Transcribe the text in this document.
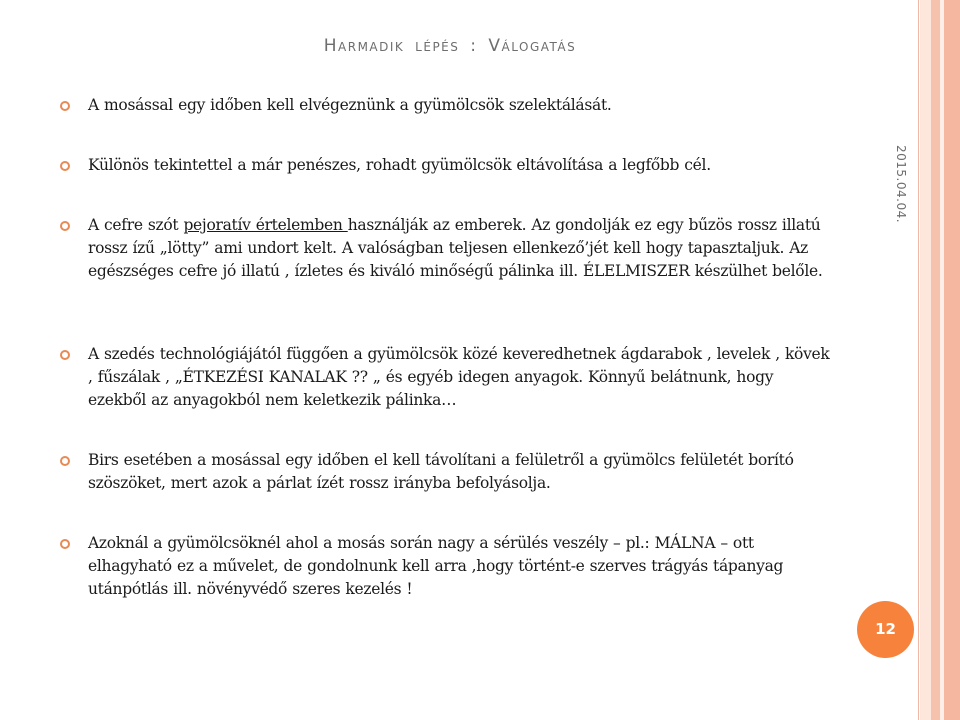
Harmadik lépés : Válogatás
2015.04.04.
A mosással egy időben kell elvégeznünk a gyümölcsök szelektálását.
Különös tekintettel a már penészes, rohadt gyümölcsök eltávolítása a legfőbb cél.
A cefre szót pejoratív értelemben használják az emberek. Az gondolják ez egy bűzös rossz illatú rossz ízű „lötty” ami undort kelt. A valóságban teljesen ellenkező’jét kell hogy tapasztaljuk. Az egészséges cefre jó illatú , ízletes és kiváló minőségű pálinka ill. ÉLELMISZER készülhet belőle.
A szedés technológiájától függően a gyümölcsök közé keveredhetnek ágdarabok , levelek , kövek , fűszálak , „ÉTKEZÉSI KANALAK ?? „ és egyéb idegen anyagok. Könnyű belátnunk, hogy ezekből az anyagokból nem keletkezik pálinka…
Birs esetében a mosással egy időben el kell távolítani a felületről a gyümölcs felületét borító szöszöket, mert azok a párlat ízét rossz irányba befolyásolja.
Azoknál a gyümölcsöknél ahol a mosás során nagy a sérülés veszély – pl.: MÁLNA – ott elhagyható ez a művelet, de gondolnunk kell arra ,hogy történt-e szerves trágyás tápanyag utánpótlás ill. növényvédő szeres kezelés !
12
